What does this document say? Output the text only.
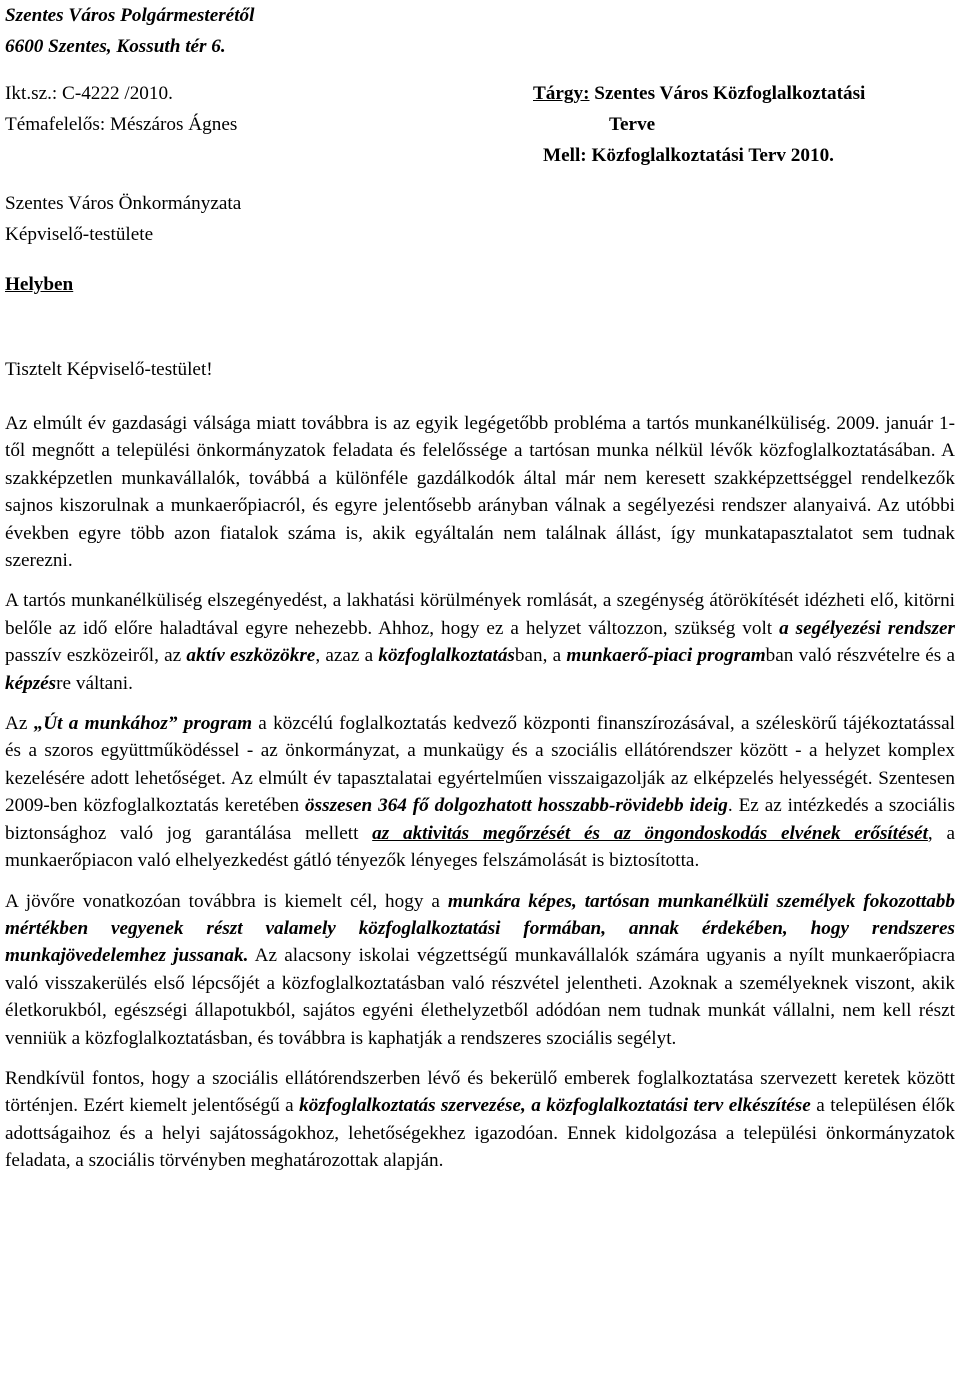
Szentes Város Polgármesterétől
6600 Szentes, Kossuth tér 6.
Ikt.sz.: C-4222 /2010.
Témafelelős: Mészáros Ágnes
Tárgy: Szentes Város Közfoglalkoztatási
Terve
Mell: Közfoglalkoztatási Terv 2010.
Szentes Város Önkormányzata
Képviselő-testülete
Helyben
Tisztelt Képviselő-testület!

Az elmúlt év gazdasági válsága miatt továbbra is az egyik legégetőbb probléma a tartós munkanélküliség. 2009. január 1-től megnőtt a települési önkormányzatok feladata és felelőssége a tartósan munka nélkül lévők közfoglalkoztatásában. A szakképzetlen munkavállalók, továbbá a különféle gazdálkodók által már nem keresett szakképzettséggel rendelkezők sajnos kiszorulnak a munkaerőpiacról, és egyre jelentősebb arányban válnak a segélyezési rendszer alanyaivá. Az utóbbi években egyre több azon fiatalok száma is, akik egyáltalán nem találnak állást, így munkatapasztalatot sem tudnak szerezni.

A tartós munkanélküliség elszegényedést, a lakhatási körülmények romlását, a szegénység átörökítését idézheti elő, kitörni belőle az idő előre haladtával egyre nehezebb. Ahhoz, hogy ez a helyzet változzon, szükség volt a segélyezési rendszer passzív eszközeiről, az aktív eszközökre, azaz a közfoglalkoztatásban, a munkaerő-piaci programban való részvételre és a képzésre váltani.

Az „Út a munkához” program a közcélú foglalkoztatás kedvező központi finanszírozásával, a széleskörű tájékoztatással és a szoros együttműködéssel - az önkormányzat, a munkaügy és a szociális ellátórendszer között - a helyzet komplex kezelésére adott lehetőséget. Az elmúlt év tapasztalatai egyértelműen visszaigazolják az elképzelés helyességét. Szentesen 2009-ben közfoglalkoztatás keretében összesen 364 fő dolgozhatott hosszabb-rövidebb ideig. Ez az intézkedés a szociális biztonsághoz való jog garantálása mellett az aktivitás megőrzését és az öngondoskodás elvének erősítését, a munkaerőpiacon való elhelyezkedést gátló tényezők lényeges felszámolását is biztosította.

A jövőre vonatkozóan továbbra is kiemelt cél, hogy a munkára képes, tartósan munkanélküli személyek fokozottabb mértékben vegyenek részt valamely közfoglalkoztatási formában, annak érdekében, hogy rendszeres munkajövedelemhez jussanak. Az alacsony iskolai végzettségű munkavállalók számára ugyanis a nyílt munkaerőpiacra való visszakerülés első lépcsőjét a közfoglalkoztatásban való részvétel jelentheti. Azoknak a személyeknek viszont, akik életkorukból, egészségi állapotukból, sajátos egyéni élethelyzetből adódóan nem tudnak munkát vállalni, nem kell részt venniük a közfoglalkoztatásban, és továbbra is kaphatják a rendszeres szociális segélyt.

Rendkívül fontos, hogy a szociális ellátórendszerben lévő és bekerülő emberek foglalkoztatása szervezett keretek között történjen. Ezért kiemelt jelentőségű a közfoglalkoztatás szervezése, a közfoglalkoztatási terv elkészítése a településen élők adottságaihoz és a helyi sajátosságokhoz, lehetőségekhez igazodóan. Ennek kidolgozása a települési önkormányzatok feladata, a szociális törvényben meghatározottak alapján.
